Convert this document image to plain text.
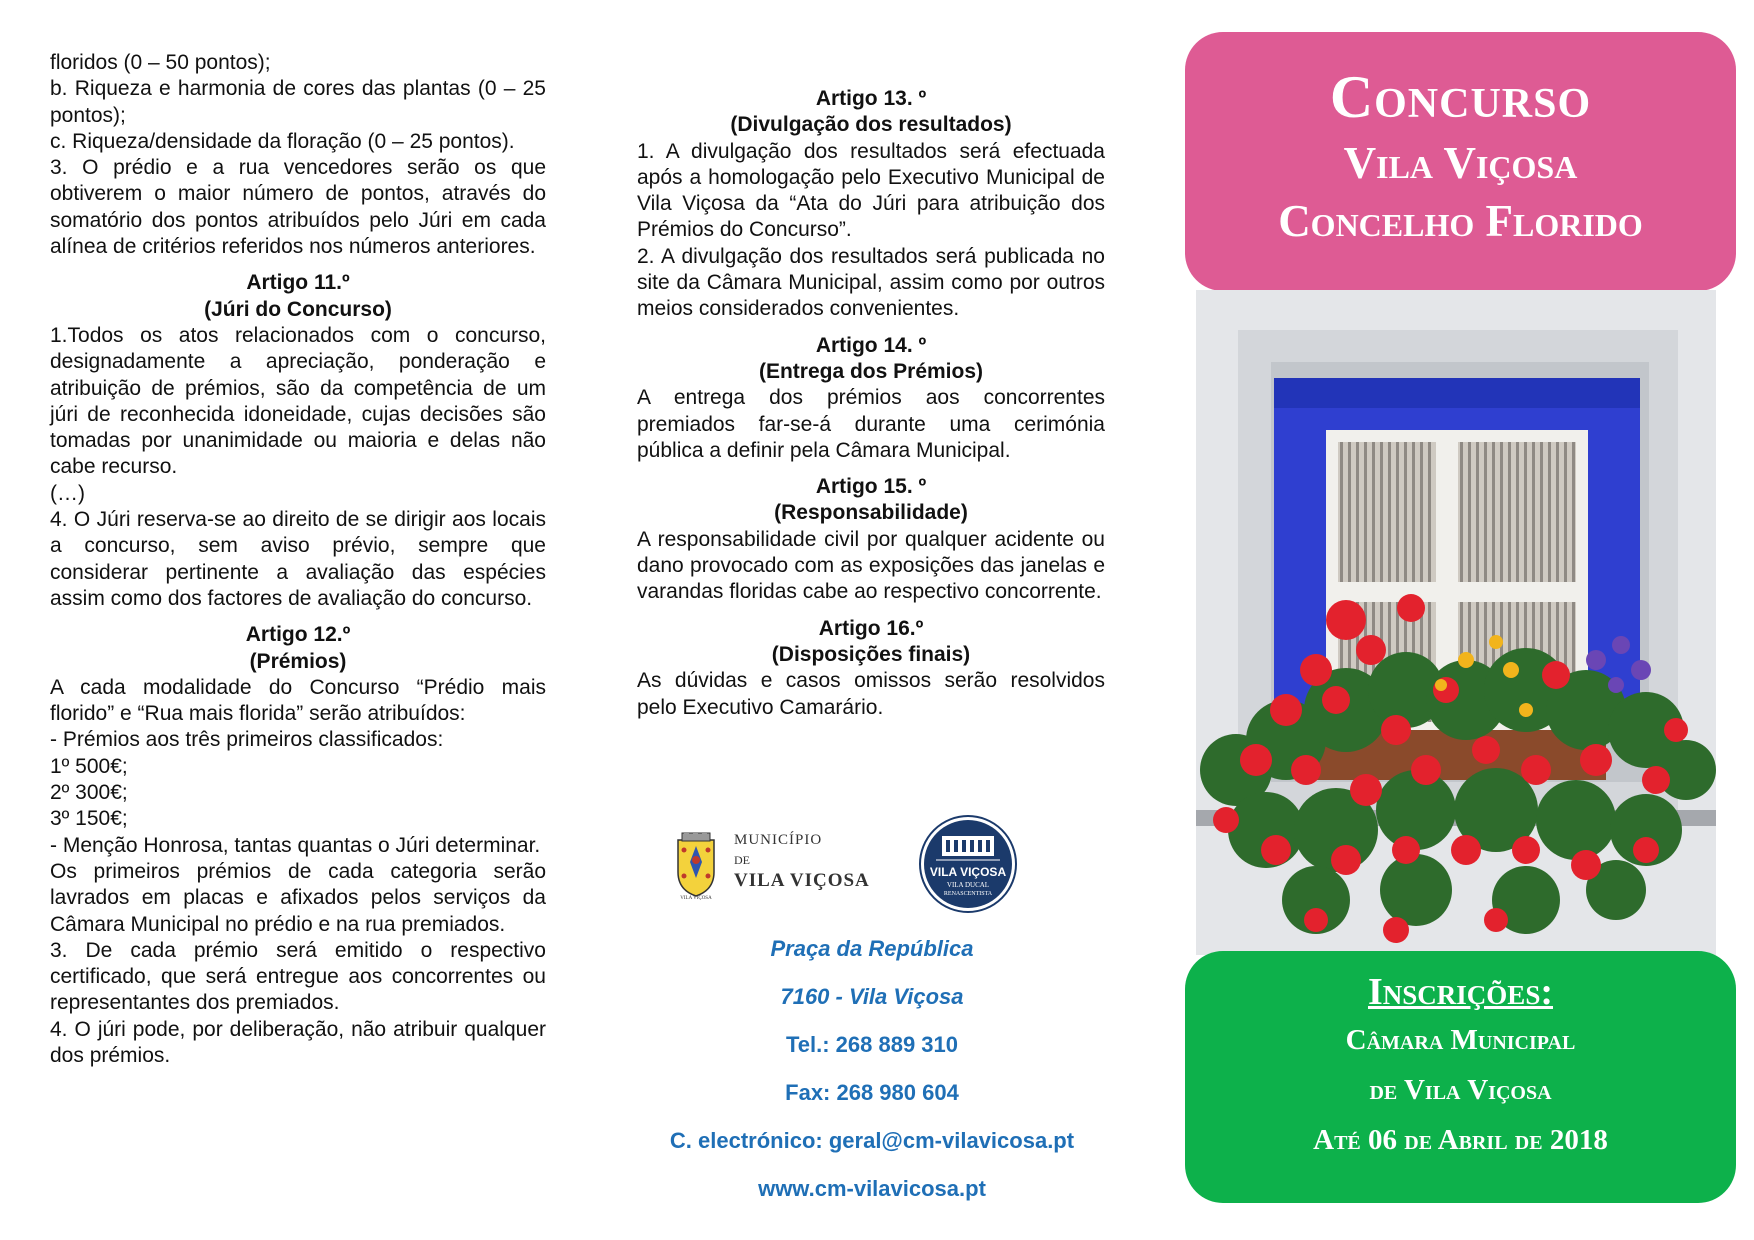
floridos (0 – 50 pontos);

b. Riqueza e harmonia de cores das plantas (0 – 25 pontos);

c. Riqueza/densidade da floração (0 – 25 pontos).

3. O prédio e a rua vencedores serão os que obtiverem o maior número de pontos, através do somatório dos pontos atribuídos pelo Júri em cada alínea de critérios referidos nos números anteriores.

Artigo 11.º

(Júri do Concurso)

1.Todos os atos relacionados com o concurso, designadamente a apreciação, ponderação e atribuição de prémios, são da competência de um júri de reconhecida idoneidade, cujas decisões são tomadas por unanimidade ou maioria e delas não cabe recurso.

(…)

4. O Júri reserva-se ao direito de se dirigir aos locais a concurso, sem aviso prévio, sempre que considerar pertinente a avaliação das espécies assim como dos factores de avaliação do concurso.

Artigo 12.º

(Prémios)

A cada modalidade do Concurso “Prédio mais florido” e “Rua mais florida” serão atribuídos:

- Prémios aos três primeiros classificados:

1º 500€;

2º 300€;

3º 150€;

- Menção Honrosa, tantas quantas o Júri determinar.

Os primeiros prémios de cada categoria serão lavrados em placas e afixados pelos serviços da Câmara Municipal no prédio e na rua premiados.

3. De cada prémio será emitido o respectivo certificado, que será entregue aos concorrentes ou representantes dos premiados.

4. O júri pode, por deliberação, não atribuir qualquer dos prémios.

Artigo 13. º

(Divulgação dos resultados)

1. A divulgação dos resultados será efectuada após a homologação pelo Executivo Municipal de Vila Viçosa da “Ata do Júri para atribuição dos Prémios do Concurso”.

2. A divulgação dos resultados será publicada no site da Câmara Municipal, assim como por outros meios considerados convenientes.

Artigo 14. º

(Entrega dos Prémios)

A entrega dos prémios aos concorrentes premiados far-se-á durante uma cerimónia pública a definir pela Câmara Municipal.

Artigo 15. º

(Responsabilidade)

A responsabilidade civil por qualquer acidente ou dano provocado com as exposições das janelas e varandas floridas cabe ao respectivo concorrente.

Artigo 16.º

(Disposições finais)

As dúvidas e casos omissos serão resolvidos pelo Executivo Camarário.

VILA VIÇOSA
MUNICÍPIO
DE
VILA VIÇOSA	VILA VIÇOSA
VILA DUCAL
RENASCENTISTA
Praça da República
7160 - Vila Viçosa
Tel.: 268 889 310
Fax: 268 980 604
C. electrónico: geral@cm-vilavicosa.pt
www.cm-vilavicosa.pt
Concurso
Vila Viçosa
Concelho Florido
Inscrições:
Câmara Municipal
de Vila Viçosa
Até 06 de Abril de 2018
